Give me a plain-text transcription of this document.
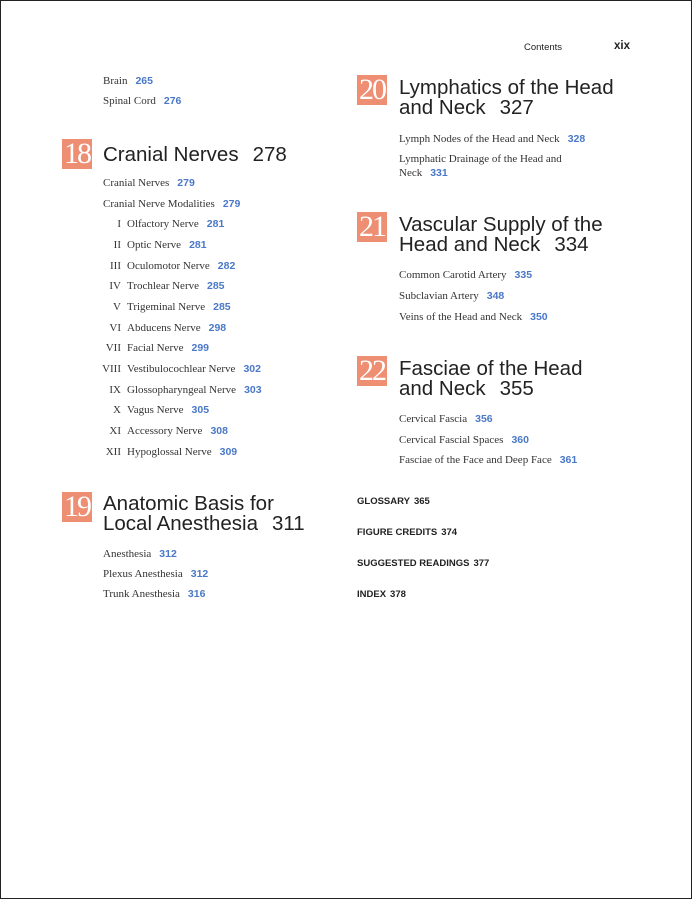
Contents	xix
Brain 265
Spinal Cord 276
18 Cranial Nerves 278
Cranial Nerves 279
Cranial Nerve Modalities 279
I Olfactory Nerve 281
II Optic Nerve 281
III Oculomotor Nerve 282
IV Trochlear Nerve 285
V Trigeminal Nerve 285
VI Abducens Nerve 298
VII Facial Nerve 299
VIII Vestibulocochlear Nerve 302
IX Glossopharyngeal Nerve 303
X Vagus Nerve 305
XI Accessory Nerve 308
XII Hypoglossal Nerve 309
19 Anatomic Basis for
Local Anesthesia 311
Anesthesia 312
Plexus Anesthesia 312
Trunk Anesthesia 316
20 Lymphatics of the Head
and Neck 327
Lymph Nodes of the Head and Neck 328
Lymphatic Drainage of the Head and
Neck 331
21 Vascular Supply of the
Head and Neck 334
Common Carotid Artery 335
Subclavian Artery 348
Veins of the Head and Neck 350
22 Fasciae of the Head
and Neck 355
Cervical Fascia 356
Cervical Fascial Spaces 360
Fasciae of the Face and Deep Face 361
GLOSSARY 365
FIGURE CREDITS 374
SUGGESTED READINGS 377
INDEX 378
